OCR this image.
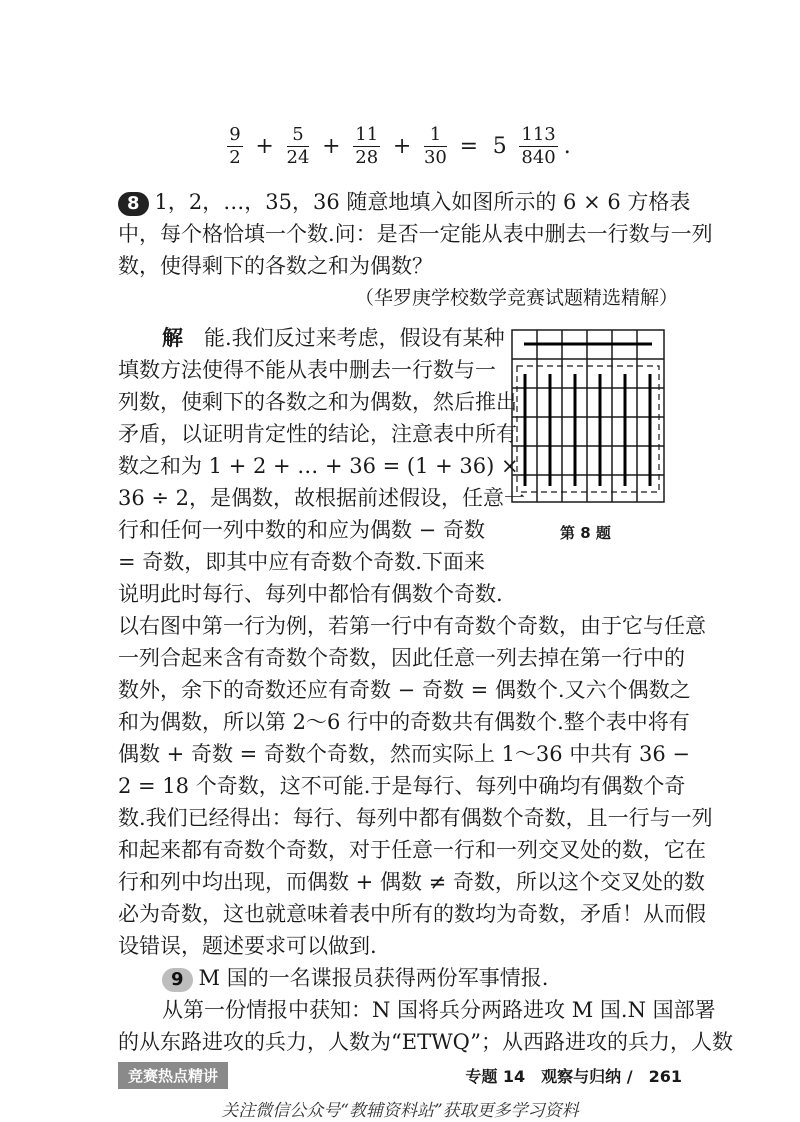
$\frac{9}{2} + \frac{5}{24} + \frac{11}{28} + \frac{1}{30} = 5 \frac{113}{840}$ .
8 1，2，…，35，36 随意地填入如图所示的 6 × 6 方格表
中，每个格恰填一个数.问：是否一定能从表中删去一行数与一列
数，使得剩下的各数之和为偶数？
（华罗庚学校数学竞赛试题精选精解）
解　 能.我们反过来考虑，假设有某种
填数方法使得不能从表中删去一行数与一
列数，使剩下的各数之和为偶数，然后推出
矛盾，以证明肯定性的结论，注意表中所有
数之和为 1 + 2 + … + 36 = (1 + 36) ×
36 ÷ 2，是偶数，故根据前述假设，任意一
行和任何一列中数的和应为偶数 − 奇数
= 奇数，即其中应有奇数个奇数.下面来
说明此时每行、每列中都恰有偶数个奇数.
第 8 题
以右图中第一行为例，若第一行中有奇数个奇数，由于它与任意
一列合起来含有奇数个奇数，因此任意一列去掉在第一行中的
数外，余下的奇数还应有奇数 − 奇数 = 偶数个.又六个偶数之
和为偶数，所以第 2～6 行中的奇数共有偶数个.整个表中将有
偶数 + 奇数 = 奇数个奇数，然而实际上 1～36 中共有 36 −
2 = 18 个奇数，这不可能.于是每行、每列中确均有偶数个奇
数.我们已经得出：每行、每列中都有偶数个奇数，且一行与一列
和起来都有奇数个奇数，对于任意一行和一列交叉处的数，它在
行和列中均出现，而偶数 + 偶数 ≠ 奇数，所以这个交叉处的数
必为奇数，这也就意味着表中所有的数均为奇数，矛盾！从而假
设错误，题述要求可以做到.
9 M 国的一名谍报员获得两份军事情报.
从第一份情报中获知：N 国将兵分两路进攻 M 国.N 国部署
竞赛热点精讲	专题 14　观察与归纳 /　261
关注微信公众号“教辅资料站”获取更多学习资料
的从东路进攻的兵力，人数为“ETWQ”；从西路进攻的兵力，人数
